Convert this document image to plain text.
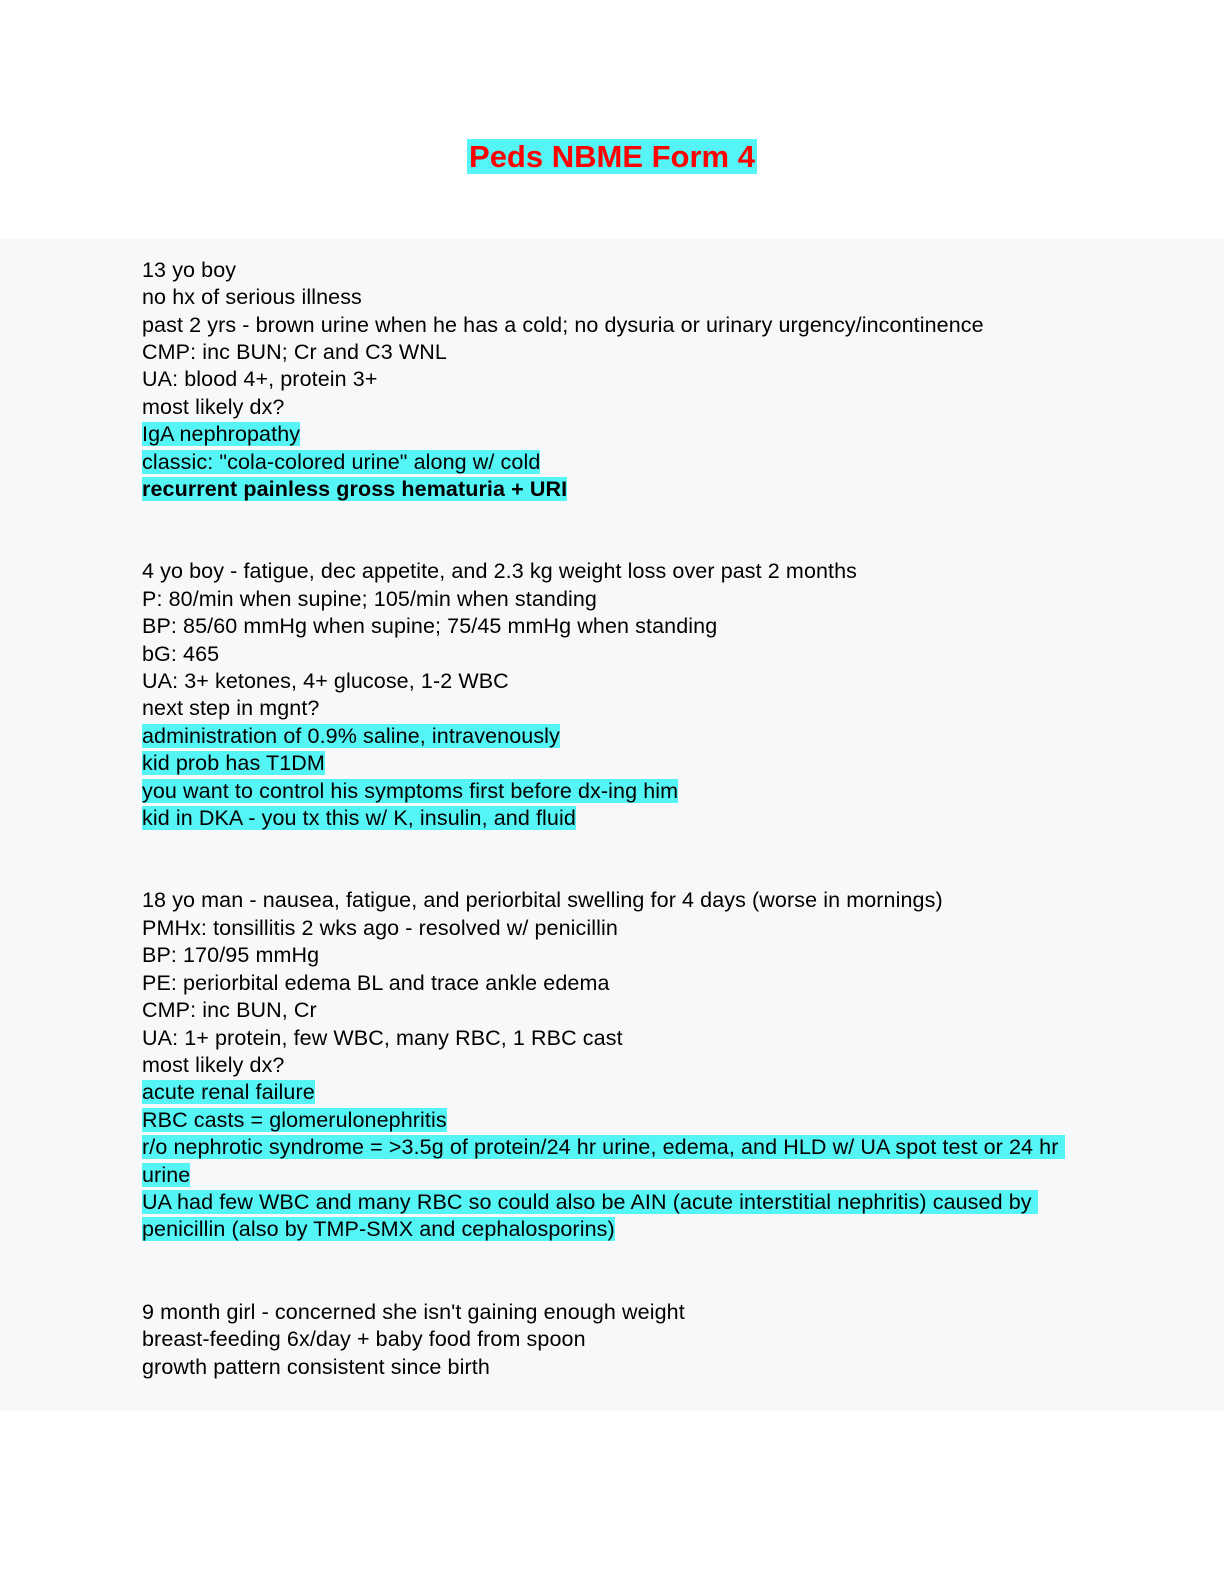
Peds NBME Form 4
13 yo boy
no hx of serious illness
past 2 yrs - brown urine when he has a cold; no dysuria or urinary urgency/incontinence
CMP: inc BUN; Cr and C3 WNL
UA: blood 4+, protein 3+
most likely dx?
IgA nephropathy
classic: "cola-colored urine" along w/ cold
recurrent painless gross hematuria + URI
4 yo boy - fatigue, dec appetite, and 2.3 kg weight loss over past 2 months
P: 80/min when supine; 105/min when standing
BP: 85/60 mmHg when supine; 75/45 mmHg when standing
bG: 465
UA: 3+ ketones, 4+ glucose, 1-2 WBC
next step in mgnt?
administration of 0.9% saline, intravenously
kid prob has T1DM
you want to control his symptoms first before dx-ing him
kid in DKA - you tx this w/ K, insulin, and fluid
18 yo man - nausea, fatigue, and periorbital swelling for 4 days (worse in mornings)
PMHx: tonsillitis 2 wks ago - resolved w/ penicillin
BP: 170/95 mmHg
PE: periorbital edema BL and trace ankle edema
CMP: inc BUN, Cr
UA: 1+ protein, few WBC, many RBC, 1 RBC cast
most likely dx?
acute renal failure
RBC casts = glomerulonephritis
r/o nephrotic syndrome = >3.5g of protein/24 hr urine, edema, and HLD w/ UA spot test or 24 hr urine
UA had few WBC and many RBC so could also be AIN (acute interstitial nephritis) caused by penicillin (also by TMP-SMX and cephalosporins)
9 month girl - concerned she isn't gaining enough weight
breast-feeding 6x/day + baby food from spoon
growth pattern consistent since birth
